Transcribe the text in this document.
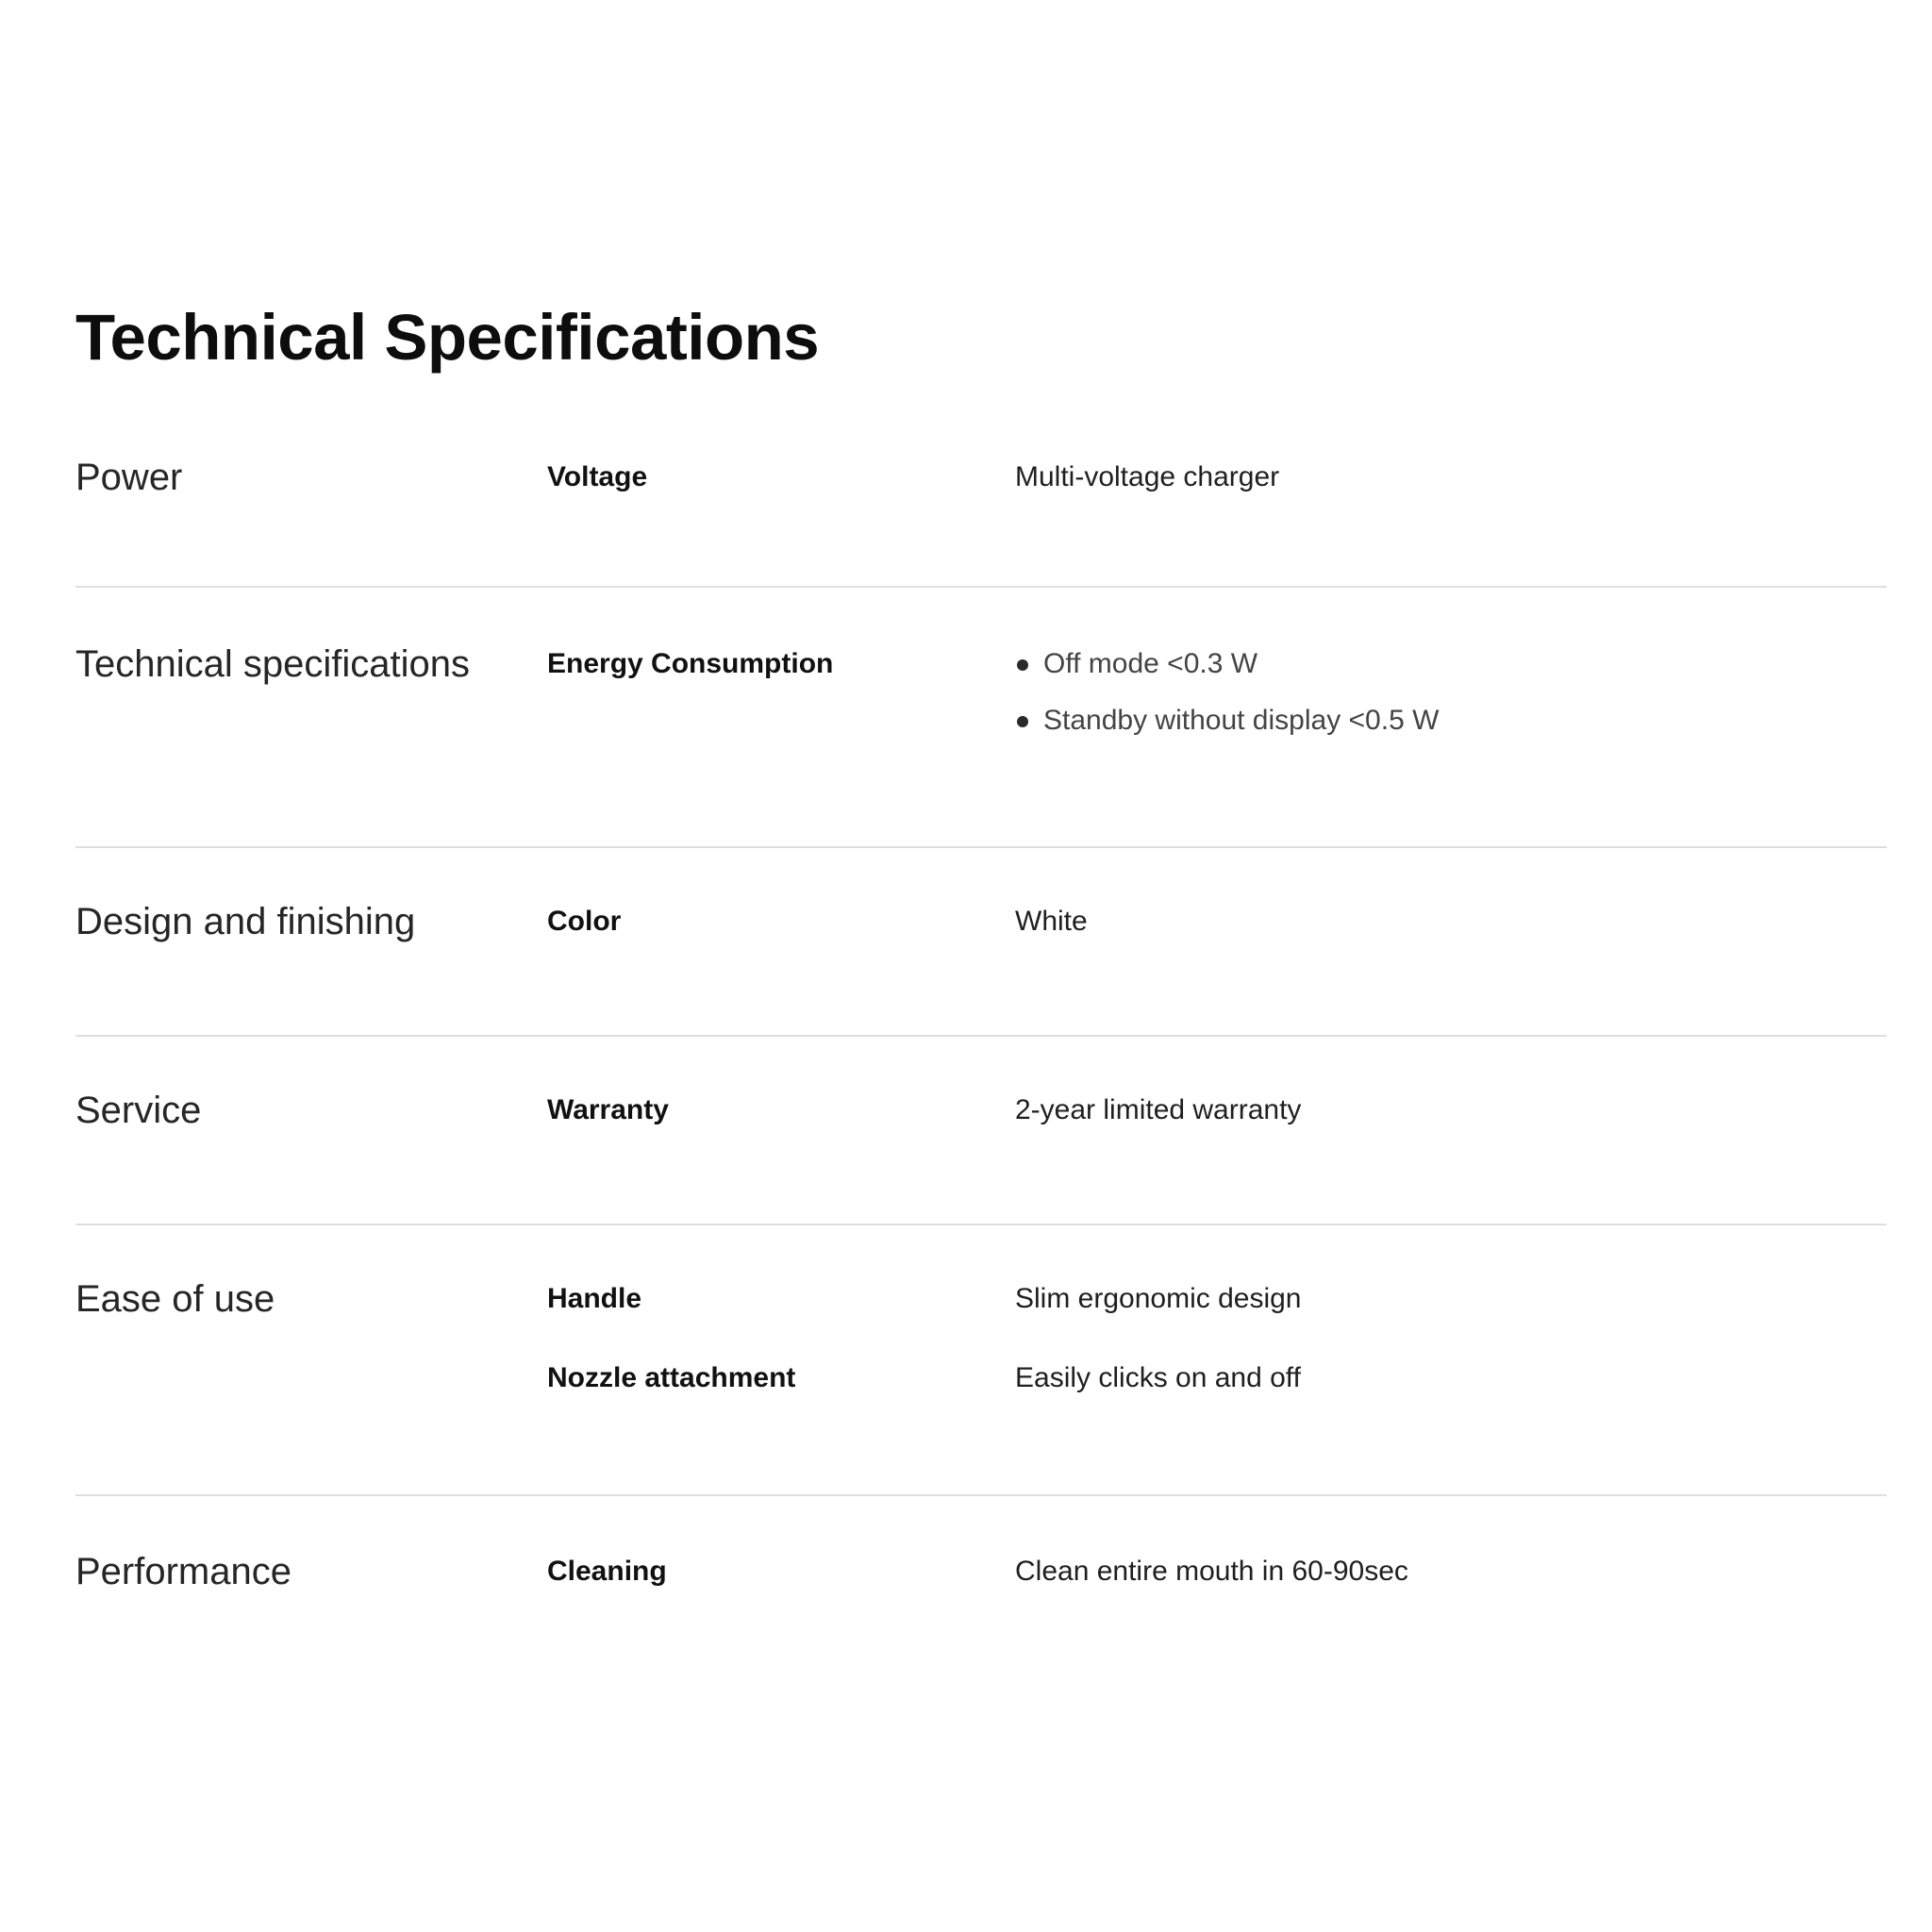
Technical Specifications
Power	Voltage	Multi-voltage charger
Technical specifications	Energy Consumption	Off mode <0.3 W
Standby without display <0.5 W
Design and finishing	Color	White
Service	Warranty	2-year limited warranty
Ease of use	Handle	Slim ergonomic design
Nozzle attachment	Easily clicks on and off
Performance	Cleaning	Clean entire mouth in 60-90sec
